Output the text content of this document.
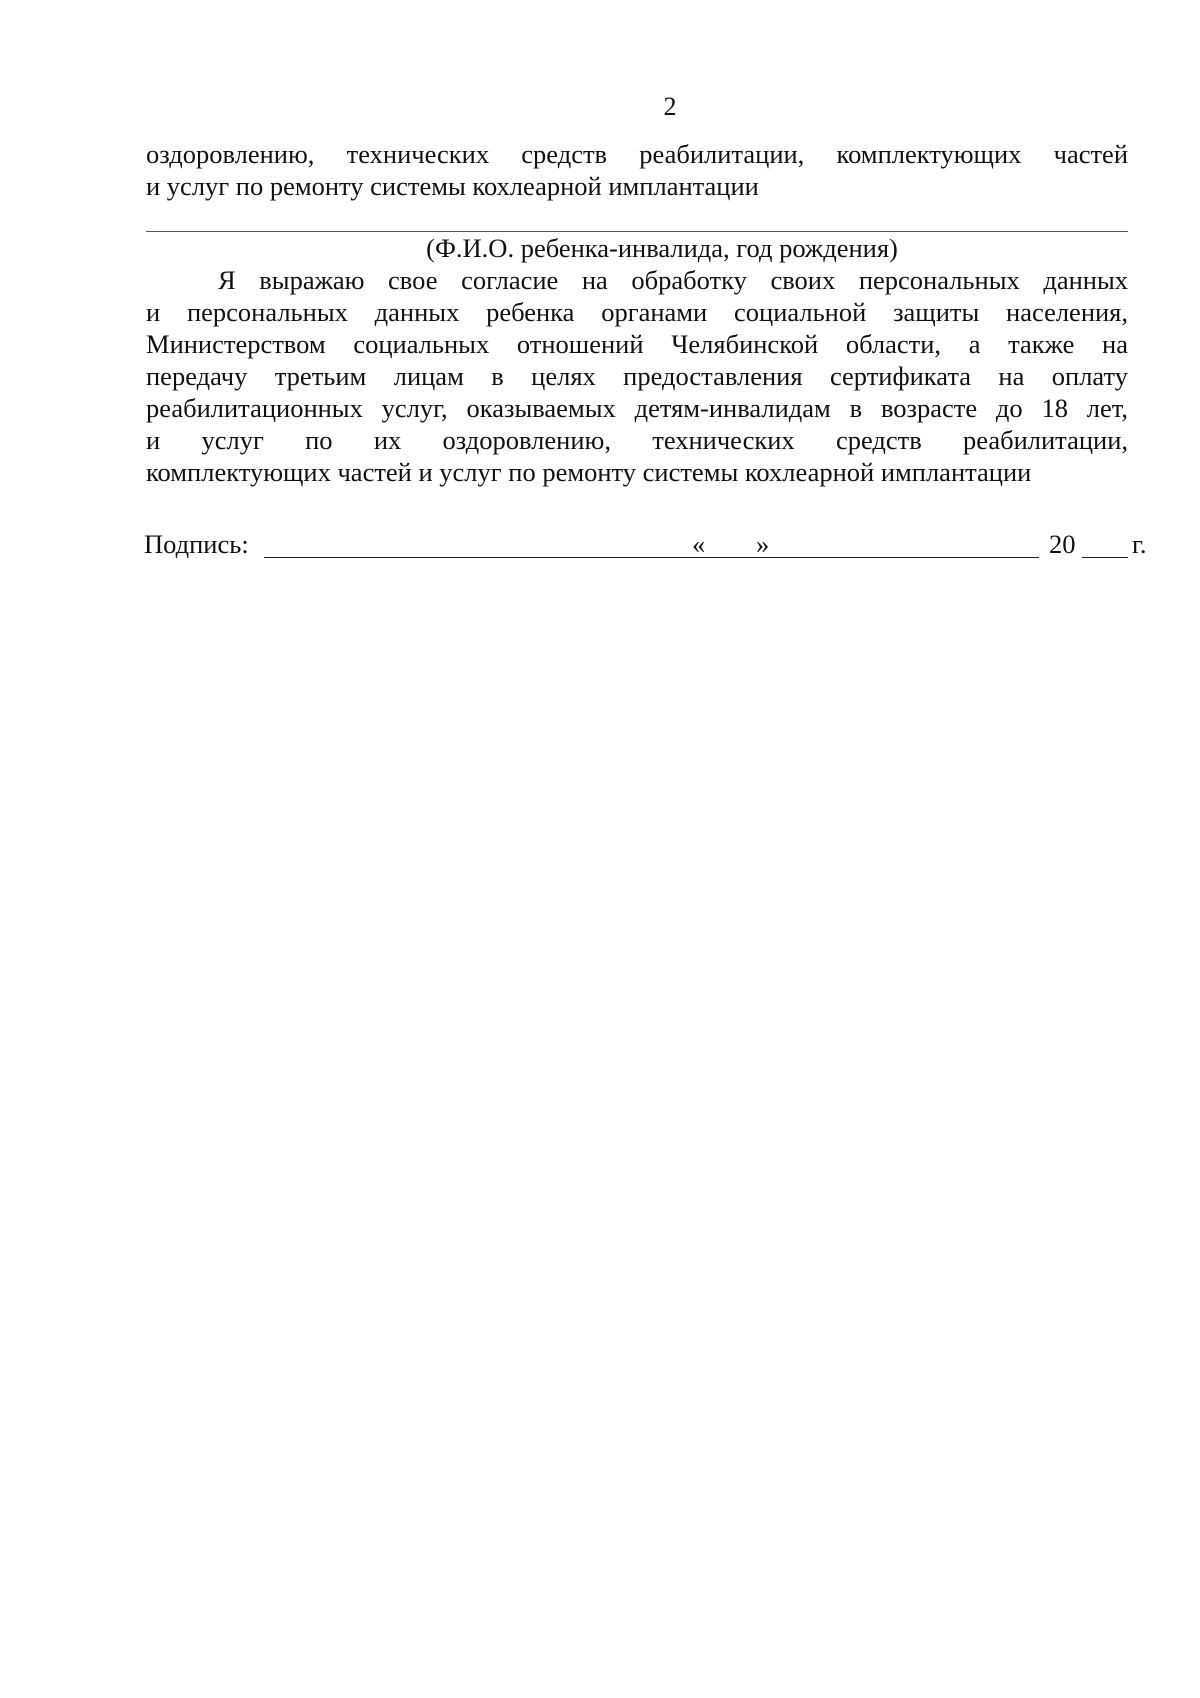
2
оздоровлению, технических средств реабилитации, комплектующих частей
и услуг по ремонту системы кохлеарной имплантации
(Ф.И.О. ребенка-инвалида, год рождения)
Я выражаю свое согласие на обработку своих персональных данных
и персональных данных ребенка органами социальной защиты населения,
Министерством социальных отношений Челябинской области, а также на
передачу третьим лицам в целях предоставления сертификата на оплату
реабилитационных услуг, оказываемых детям-инвалидам в возрасте до 18 лет,
и услуг по их оздоровлению, технических средств реабилитации,
комплектующих частей и услуг по ремонту системы кохлеарной имплантации
Подпись:	« »	20 г.
